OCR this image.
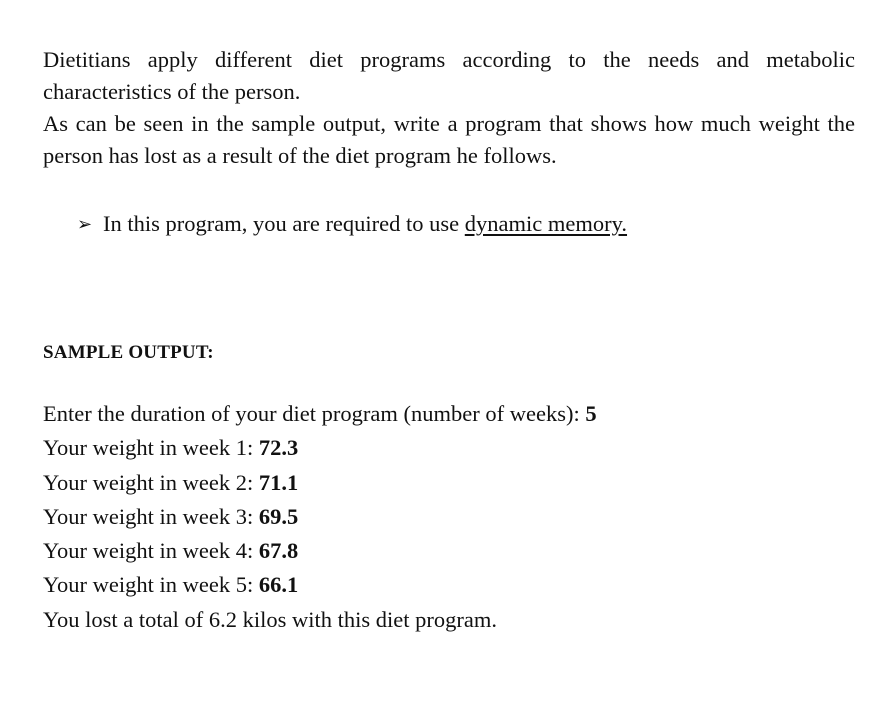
Dietitians apply different diet programs according to the needs and metabolic characteristics of the person.

As can be seen in the sample output, write a program that shows how much weight the person has lost as a result of the diet program he follows.

➢ In this program, you are required to use dynamic memory.
SAMPLE OUTPUT:
Enter the duration of your diet program (number of weeks): 5
Your weight in week 1: 72.3
Your weight in week 2: 71.1
Your weight in week 3: 69.5
Your weight in week 4: 67.8
Your weight in week 5: 66.1
You lost a total of 6.2 kilos with this diet program.
